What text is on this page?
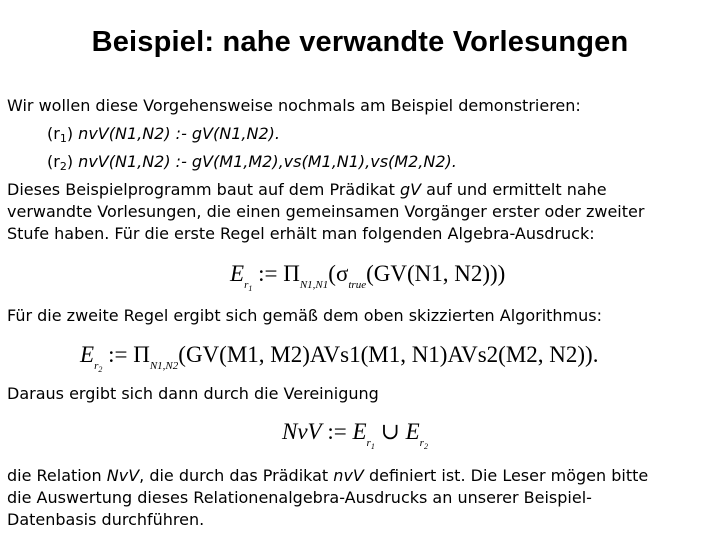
Beispiel: nahe verwandte Vorlesungen
Wir wollen diese Vorgehensweise nochmals am Beispiel demonstrieren:
$(r_1)$ nvV(N1,N2) :- gV(N1,N2).
$(r_2)$ nvV(N1,N2) :- gV(M1,M2),vs(M1,N1),vs(M2,N2).
Dieses Beispielprogramm baut auf dem Prädikat gV auf und ermittelt nahe
verwandte Vorlesungen, die einen gemeinsamen Vorgänger erster oder zweiter
Stufe haben. Für die erste Regel erhält man folgenden Algebra-Ausdruck:
$E_{r_1}$ := $\Pi_{N1,N1}(\sigma_{true}(GV(N1$, N2)))
Für die zweite Regel ergibt sich gemäß dem oben skizzierten Algorithmus:
$E_{r_2}$ := $\Pi_{N1,N2}(GV(M1$, M2)AVs1(M1, N1)AVs2(M2, N2)).
Daraus ergibt sich dann durch die Vereinigung
NvV := $E_{r_1}$ ∪ $E_{r_2}$
die Relation NvV, die durch das Prädikat nvV definiert ist. Die Leser mögen bitte
die Auswertung dieses Relationenalgebra-Ausdrucks an unserer Beispiel-
Datenbasis durchführen.
